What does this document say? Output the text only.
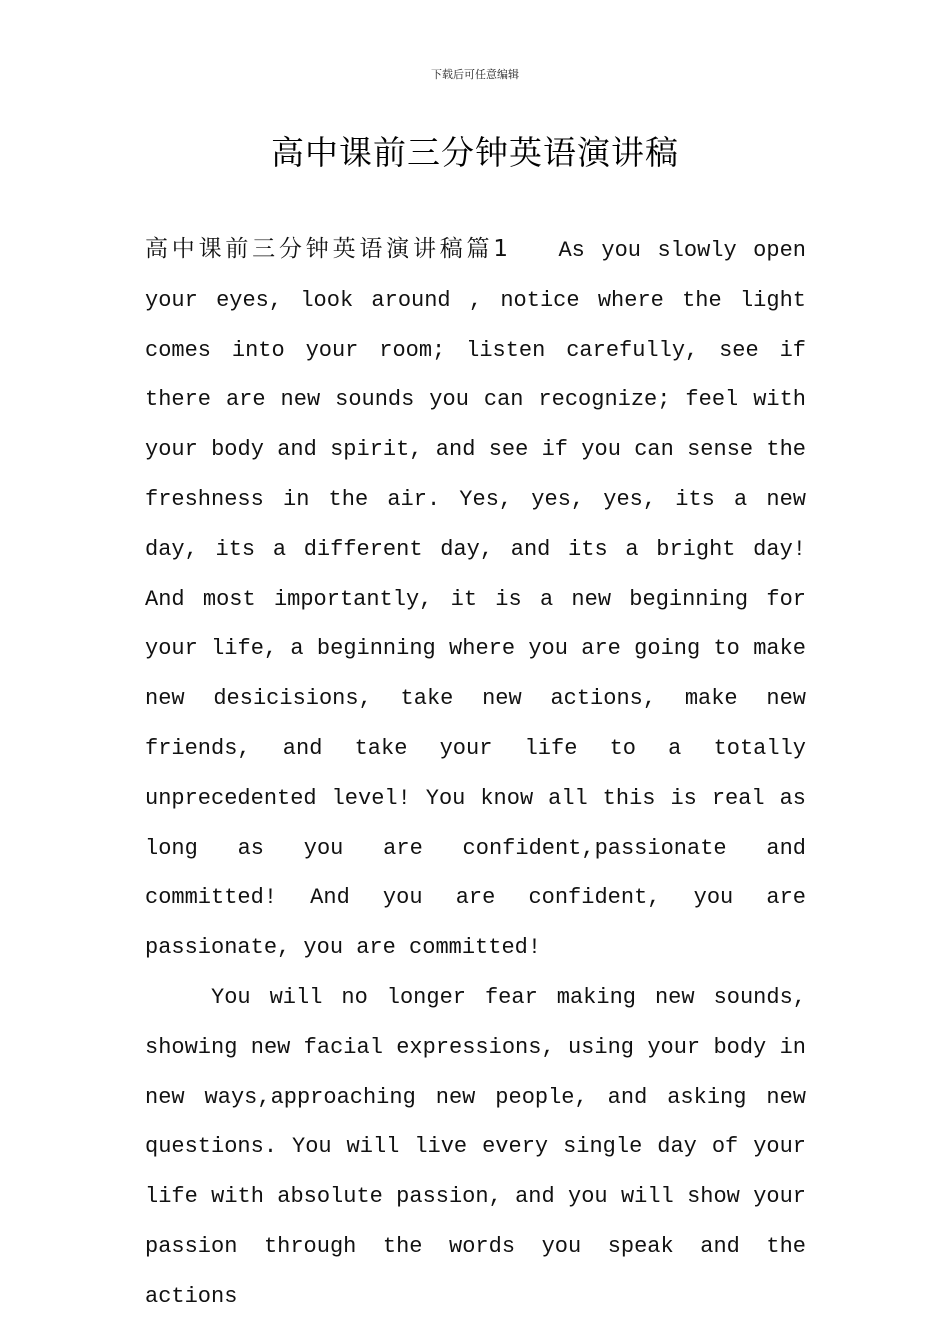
下载后可任意编辑
高中课前三分钟英语演讲稿

高中课前三分钟英语演讲稿篇1 As you slowly open your eyes, look around , notice where the light comes into your room; listen carefully, see if there are new sounds you can recognize; feel with your body and spirit, and see if you can sense the freshness in the air. Yes, yes, yes, its a new day, its a different day, and its a bright day! And most importantly, it is a new beginning for your life, a beginning where you are going to make new desicisions, take new actions, make new friends, and take your life to a totally unprecedented level! You know all this is real as long as you are confident,passionate and committed! And you are confident, you are passionate, you are committed!

You will no longer fear making new sounds, showing new facial expressions, using your body in new ways,approaching new people, and asking new questions. You will live every single day of your life with absolute passion, and you will show your passion through the words you speak and the actions
